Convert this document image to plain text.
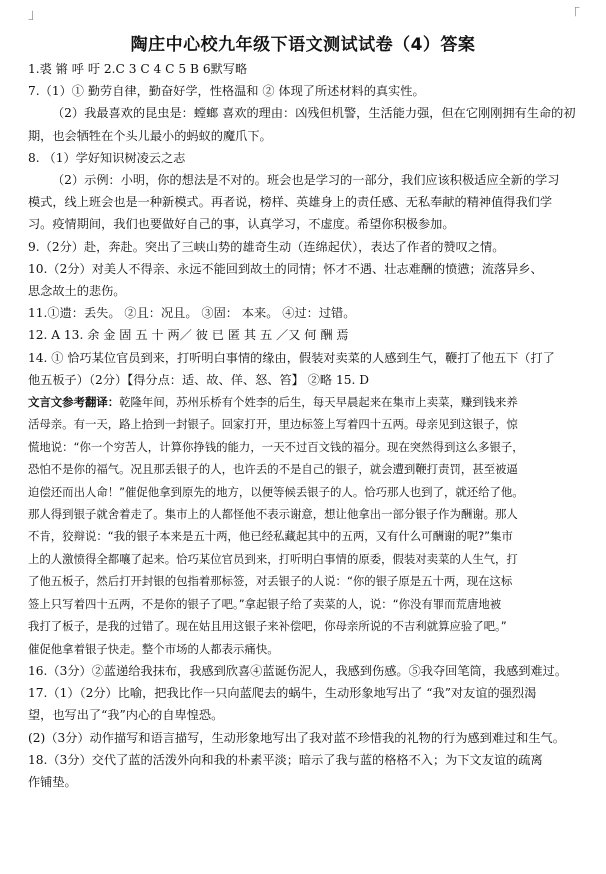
」	「
陶庄中心校九年级下语文测试试卷（4）答案

1.裘 锵 呼 吁 2.C 3 C 4 C 5 B 6默写略

7.（1）① 勤劳自律，勤奋好学，性格温和 ② 体现了所述材料的真实性。

（2）我最喜欢的昆虫是：螳螂 喜欢的理由：凶残但机警，生活能力强，但在它刚刚拥有生命的初

期，也会牺牲在个头儿最小的蚂蚁的魔爪下。

8. （1）学好知识树凌云之志

（2）示例：小明，你的想法是不对的。班会也是学习的一部分，我们应该积极适应全新的学习

模式，线上班会也是一种新模式。再者说，榜样、英雄身上的责任感、无私奉献的精神值得我们学

习。疫情期间，我们也要做好自己的事，认真学习，不虚度。希望你积极参加。

9.（2分）赴，奔赴。突出了三峡山势的雄奇生动（连绵起伏），表达了作者的赞叹之情。

10.（2分）对美人不得亲、永远不能回到故土的同情；怀才不遇、壮志难酬的愤懑；流落异乡、

思念故土的悲伤。

11.①遗：丢失。 ②且：况且。 ③固： 本来。 ④过：过错。

12. A 13. 余 金 固 五 十 两／ 彼 已 匿 其 五 ／又 何 酬 焉

14. ① 恰巧某位官员到来，打听明白事情的缘由，假装对卖菜的人感到生气，鞭打了他五下（打了

他五板子）（2分）【得分点：适、故、佯、怒、笞】 ②略 15. D

文言文参考翻译：乾隆年间，苏州乐桥有个姓李的后生，每天早晨起来在集市上卖菜，赚到钱来养

活母亲。有一天，路上拾到一封银子。回家打开，里边标签上写着四十五两。母亲见到这银子，惊

慌地说：“你一个穷苦人，计算你挣钱的能力，一天不过百文钱的福分。现在突然得到这么多银子，

恐怕不是你的福气。况且那丢银子的人，也许丢的不是自己的银子，就会遭到鞭打责罚，甚至被逼

迫偿还而出人命！”催促他拿到原先的地方，以便等候丢银子的人。恰巧那人也到了，就还给了他。

那人得到银子就舍着走了。集市上的人都怪他不表示谢意，想让他拿出一部分银子作为酬谢。那人

不肯，狡辩说：“我的银子本来是五十两，他已经私藏起其中的五两，又有什么可酬谢的呢?”集市

上的人激愤得全都嚷了起来。恰巧某位官员到来，打听明白事情的原委，假装对卖菜的人生气，打

了他五板子，然后打开封银的包指着那标签，对丢银子的人说：“你的银子原是五十两，现在这标

签上只写着四十五两，不是你的银子了吧。”拿起银子给了卖菜的人，说：“你没有罪而荒唐地被

我打了板子，是我的过错了。现在姑且用这银子来补偿吧，你母亲所说的不吉利就算应验了吧。”

催促他拿着银子快走。整个市场的人都表示痛快。

16.（3分）②蓝递给我抹布，我感到欣喜④蓝诞伤泥人，我感到伤感。⑤我夺回笔筒，我感到难过。

17.（1）（2分）比喻，把我比作一只向蓝爬去的蜗牛，生动形象地写出了 “我”对友谊的强烈渴

望，也写出了“我”内心的自卑惶恐。

(2)（3分）动作描写和语言描写，生动形象地写出了我对蓝不珍惜我的礼物的行为感到难过和生气。

18.（3分）交代了蓝的活泼外向和我的朴素平淡；暗示了我与蓝的格格不入；为下文友谊的疏离

作铺垫。
